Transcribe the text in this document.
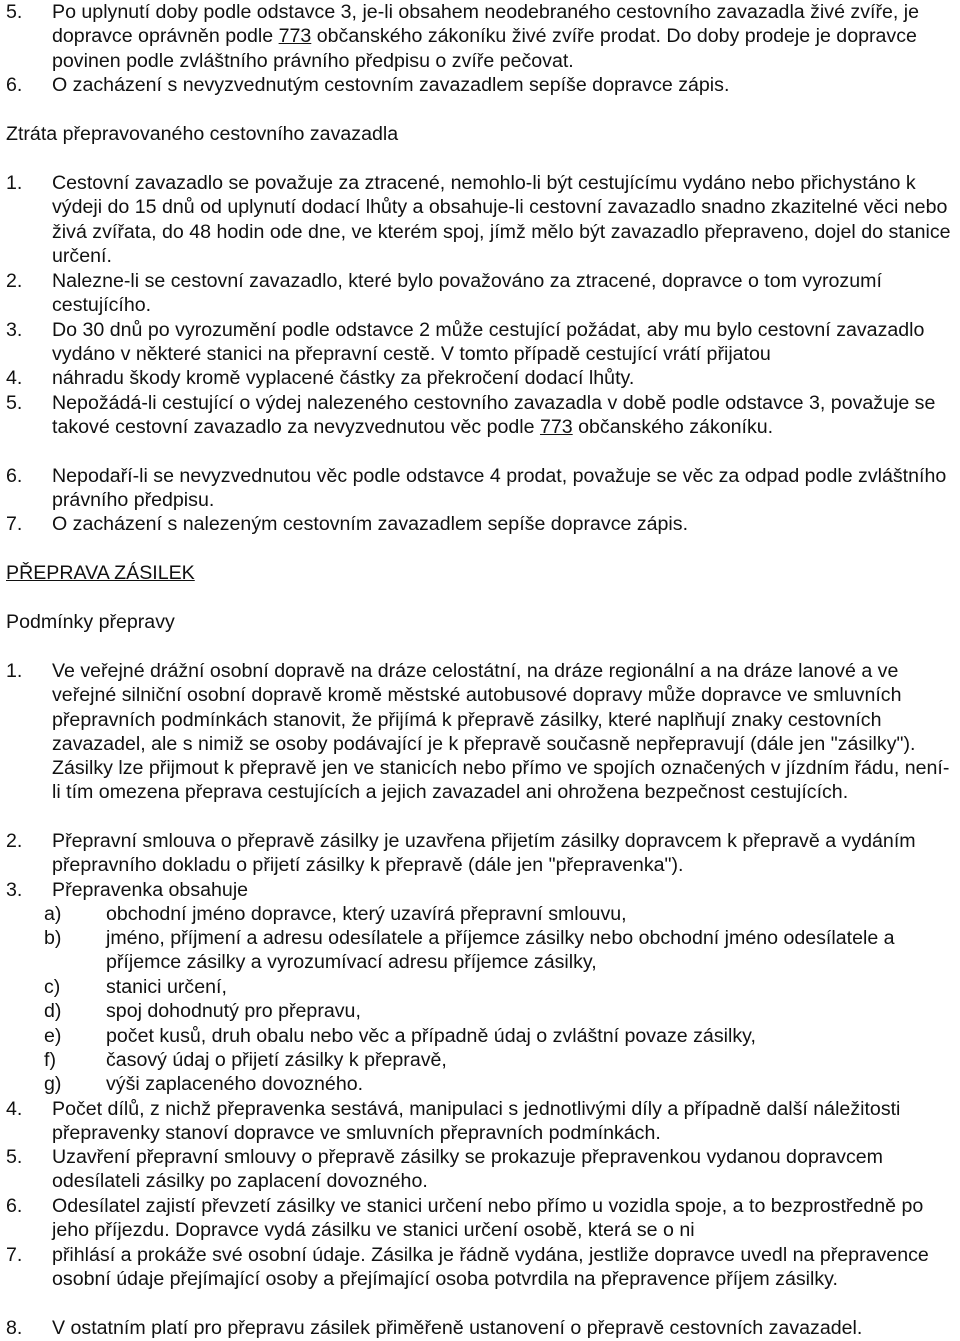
5. Po uplynutí doby podle odstavce 3, je-li obsahem neodebraného cestovního zavazadla živé zvíře, je dopravce oprávněn podle 773 občanského zákoníku živé zvíře prodat. Do doby prodeje je dopravce povinen podle zvláštního právního předpisu o zvíře pečovat.
6. O zacházení s nevyzvednutým cestovním zavazadlem sepíše dopravce zápis.
Ztráta přepravovaného cestovního zavazadla
1. Cestovní zavazadlo se považuje za ztracené, nemohlo-li být cestujícímu vydáno nebo přichystáno k výdeji do 15 dnů od uplynutí dodací lhůty a obsahuje-li cestovní zavazadlo snadno zkazitelné věci nebo živá zvířata, do 48 hodin ode dne, ve kterém spoj, jímž mělo být zavazadlo přepraveno, dojel do stanice určení.
2. Nalezne-li se cestovní zavazadlo, které bylo považováno za ztracené, dopravce o tom vyrozumí cestujícího.
3. Do 30 dnů po vyrozumění podle odstavce 2 může cestující požádat, aby mu bylo cestovní zavazadlo vydáno v některé stanici na přepravní cestě. V tomto případě cestující vrátí přijatou
4. náhradu škody kromě vyplacené částky za překročení dodací lhůty.
5. Nepožádá-li cestující o výdej nalezeného cestovního zavazadla v době podle odstavce 3, považuje se takové cestovní zavazadlo za nevyzvednutou věc podle 773 občanského zákoníku.
6. Nepodaří-li se nevyzvednutou věc podle odstavce 4 prodat, považuje se věc za odpad podle zvláštního právního předpisu.
7. O zacházení s nalezeným cestovním zavazadlem sepíše dopravce zápis.
PŘEPRAVA ZÁSILEK
Podmínky přepravy
1. Ve veřejné drážní osobní dopravě na dráze celostátní, na dráze regionální a na dráze lanové a ve veřejné silniční osobní dopravě kromě městské autobusové dopravy může dopravce ve smluvních přepravních podmínkách stanovit, že přijímá k přepravě zásilky, které naplňují znaky cestovních zavazadel, ale s nimiž se osoby podávající je k přepravě současně nepřepravují (dále jen "zásilky"). Zásilky lze přijmout k přepravě jen ve stanicích nebo přímo ve spojích označených v jízdním řádu, není-li tím omezena přeprava cestujících a jejich zavazadel ani ohrožena bezpečnost cestujících.
2. Přepravní smlouva o přepravě zásilky je uzavřena přijetím zásilky dopravcem k přepravě a vydáním přepravního dokladu o přijetí zásilky k přepravě (dále jen "přepravenka").
3. Přepravenka obsahuje
a) obchodní jméno dopravce, který uzavírá přepravní smlouvu,
b) jméno, příjmení a adresu odesílatele a příjemce zásilky nebo obchodní jméno odesílatele a příjemce zásilky a vyrozumívací adresu příjemce zásilky,
c) stanici určení,
d) spoj dohodnutý pro přepravu,
e) počet kusů, druh obalu nebo věc a případně údaj o zvláštní povaze zásilky,
f)	časový údaj o přijetí zásilky k přepravě,
g) výši zaplaceného dovozného.
4. Počet dílů, z nichž přepravenka sestává, manipulaci s jednotlivými díly a případně další náležitosti přepravenky stanoví dopravce ve smluvních přepravních podmínkách.
5. Uzavření přepravní smlouvy o přepravě zásilky se prokazuje přepravenkou vydanou dopravcem odesílateli zásilky po zaplacení dovozného.
6. Odesílatel zajistí převzetí zásilky ve stanici určení nebo přímo u vozidla spoje, a to bezprostředně po jeho příjezdu. Dopravce vydá zásilku ve stanici určení osobě, která se o ni
7. přihlásí a prokáže své osobní údaje. Zásilka je řádně vydána, jestliže dopravce uvedl na přepravence osobní údaje přejímající osoby a přejímající osoba potvrdila na přepravence příjem zásilky.
8. V ostatním platí pro přepravu zásilek přiměřeně ustanovení o přepravě cestovních zavazadel.
